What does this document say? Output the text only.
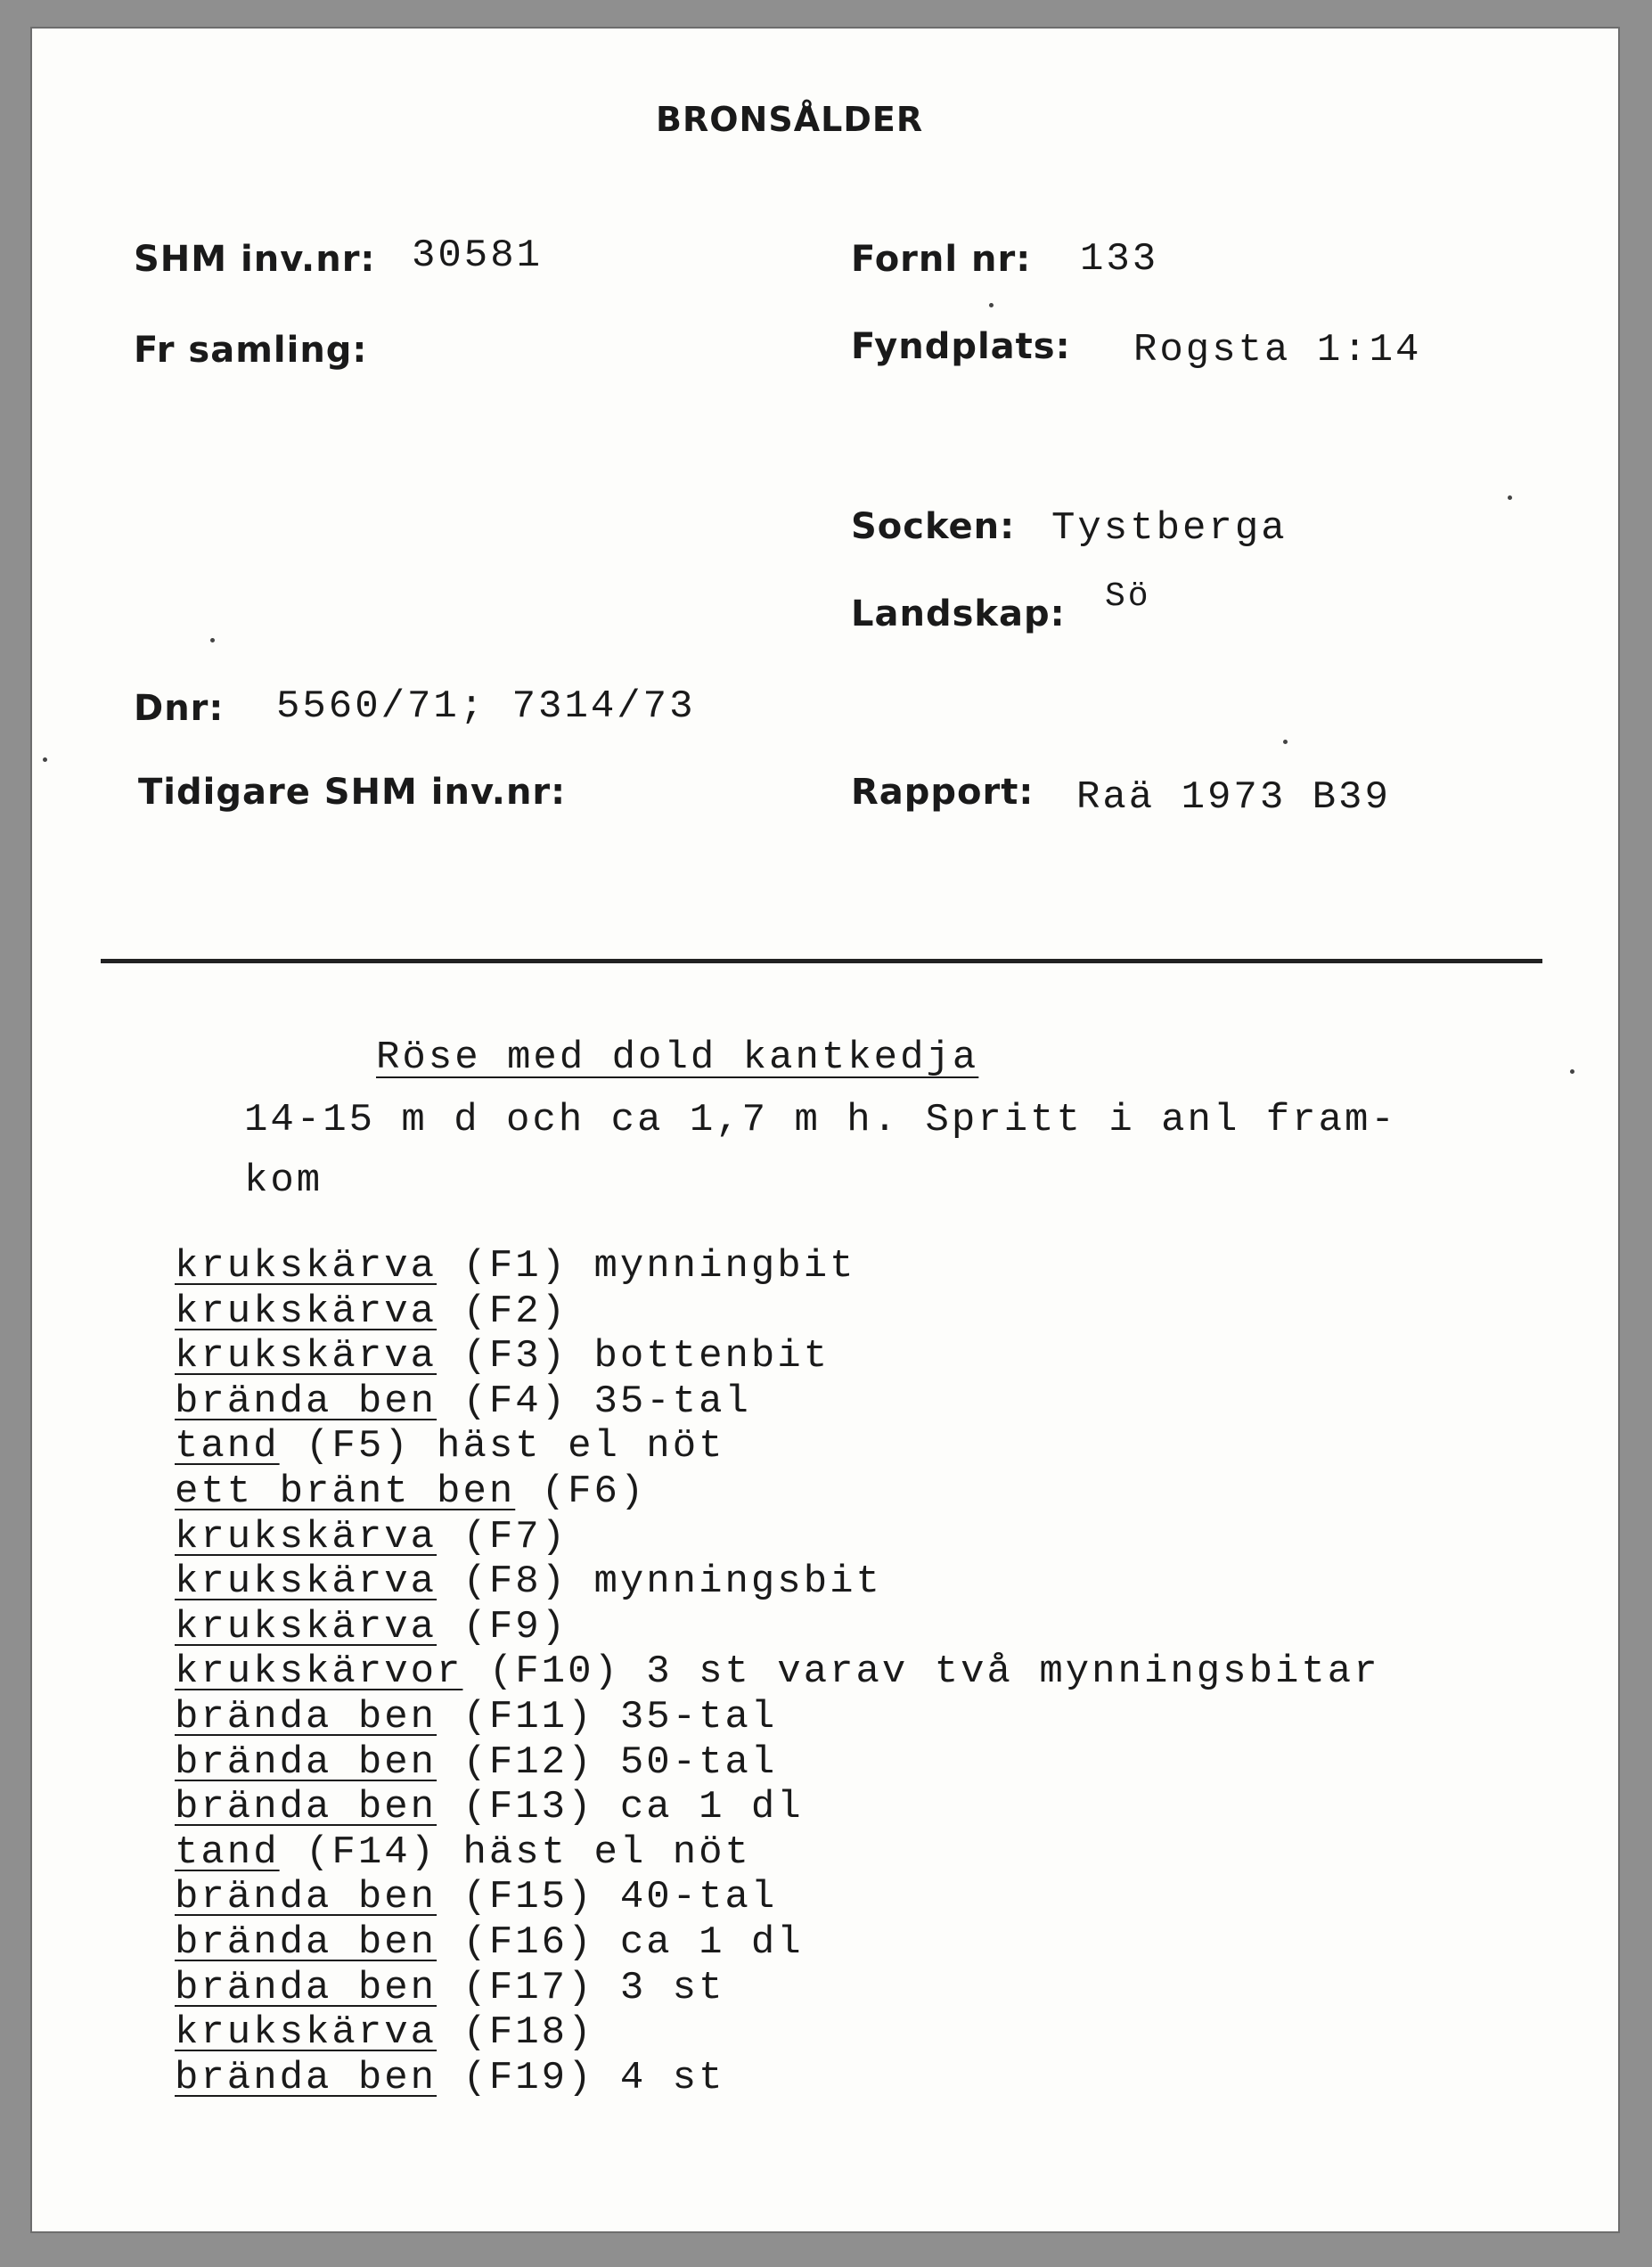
BRONSÅLDER
SHM inv.nr: 30581	Fornl nr: 133
Fr samling:	Fyndplats: Rogsta 1:14
Socken: Tystberga
Landskap: Sö
Dnr: 5560/71; 7314/73
Tidigare SHM inv.nr:	Rapport: Raä 1973 B39
Röse med dold kantkedja
14-15 m d och ca 1,7 m h. Spritt i anl fram-
kom
krukskärva (F1) mynningbit
krukskärva (F2)
krukskärva (F3) bottenbit
brända ben (F4) 35-tal
tand (F5) häst el nöt
ett bränt ben (F6)
krukskärva (F7)
krukskärva (F8) mynningsbit
krukskärva (F9)
krukskärvor (F10) 3 st varav två mynningsbitar
brända ben (F11) 35-tal
brända ben (F12) 50-tal
brända ben (F13) ca 1 dl
tand (F14) häst el nöt
brända ben (F15) 40-tal
brända ben (F16) ca 1 dl
brända ben (F17) 3 st
krukskärva (F18)
brända ben (F19) 4 st
